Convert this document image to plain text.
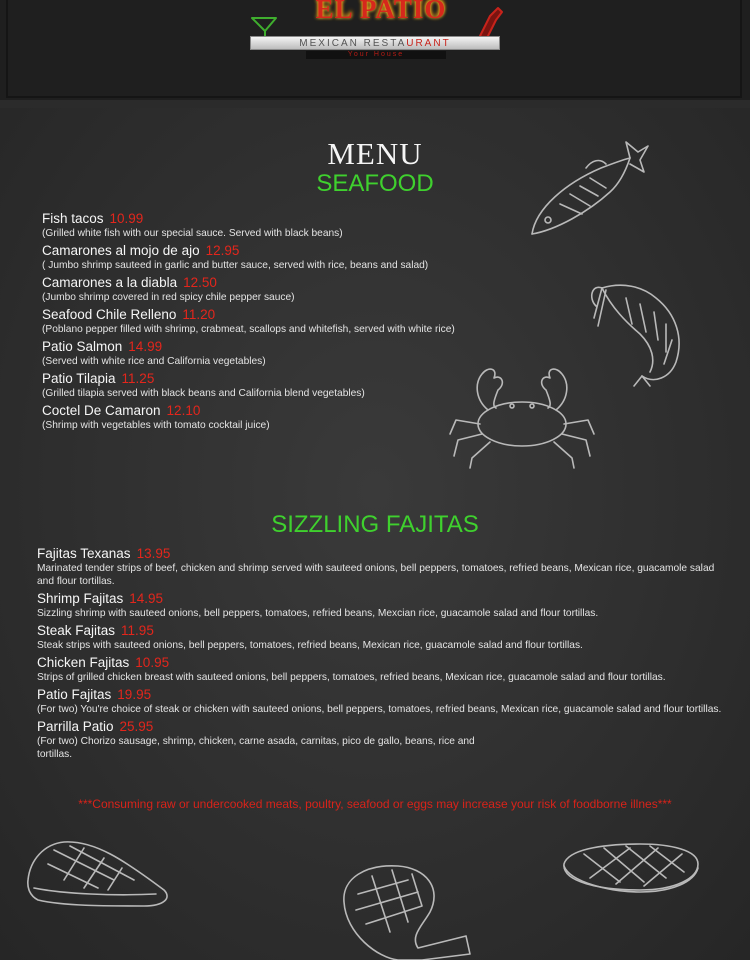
EL PATIO
MEXICAN RESTAURANT
Your House
MENU
SEAFOOD
Fish tacos 10.99
(Grilled white fish with our special sauce. Served with black beans)
Camarones al mojo de ajo 12.95
( Jumbo shrimp sauteed in garlic and butter sauce, served with rice, beans and salad)
Camarones a la diabla 12.50
(Jumbo shrimp covered in red spicy chile pepper sauce)
Seafood Chile Relleno 11.20
(Poblano pepper filled with shrimp, crabmeat, scallops and whitefish, served with white rice)
Patio Salmon 14.99
(Served with white rice and California vegetables)
Patio Tilapia 11.25
(Grilled tilapia served with black beans and California blend vegetables)
Coctel De Camaron 12.10
(Shrimp with vegetables with tomato cocktail juice)
SIZZLING FAJITAS
Fajitas Texanas 13.95
Marinated tender strips of beef, chicken and shrimp served with sauteed onions, bell peppers, tomatoes, refried beans, Mexican rice, guacamole salad and flour tortillas.
Shrimp Fajitas 14.95
Sizzling shrimp with sauteed onions, bell peppers, tomatoes, refried beans, Mexcian rice, guacamole salad and flour tortillas.
Steak Fajitas 11.95
Steak strips with sauteed onions, bell peppers, tomatoes, refried beans, Mexican rice, guacamole salad and flour tortillas.
Chicken Fajitas 10.95
Strips of grilled chicken breast with sauteed onions, bell peppers, tomatoes, refried beans, Mexican rice, guacamole salad and flour tortillas.
Patio Fajitas 19.95
(For two) You're choice of steak or chicken with sauteed onions, bell peppers, tomatoes, refried beans, Mexican rice, guacamole salad and flour tortillas.
Parrilla Patio 25.95
(For two) Chorizo sausage, shrimp, chicken, carne asada, carnitas, pico de gallo, beans, rice and tortillas.
***Consuming raw or undercooked meats, poultry, seafood or eggs may increase your risk of foodborne illnes***
